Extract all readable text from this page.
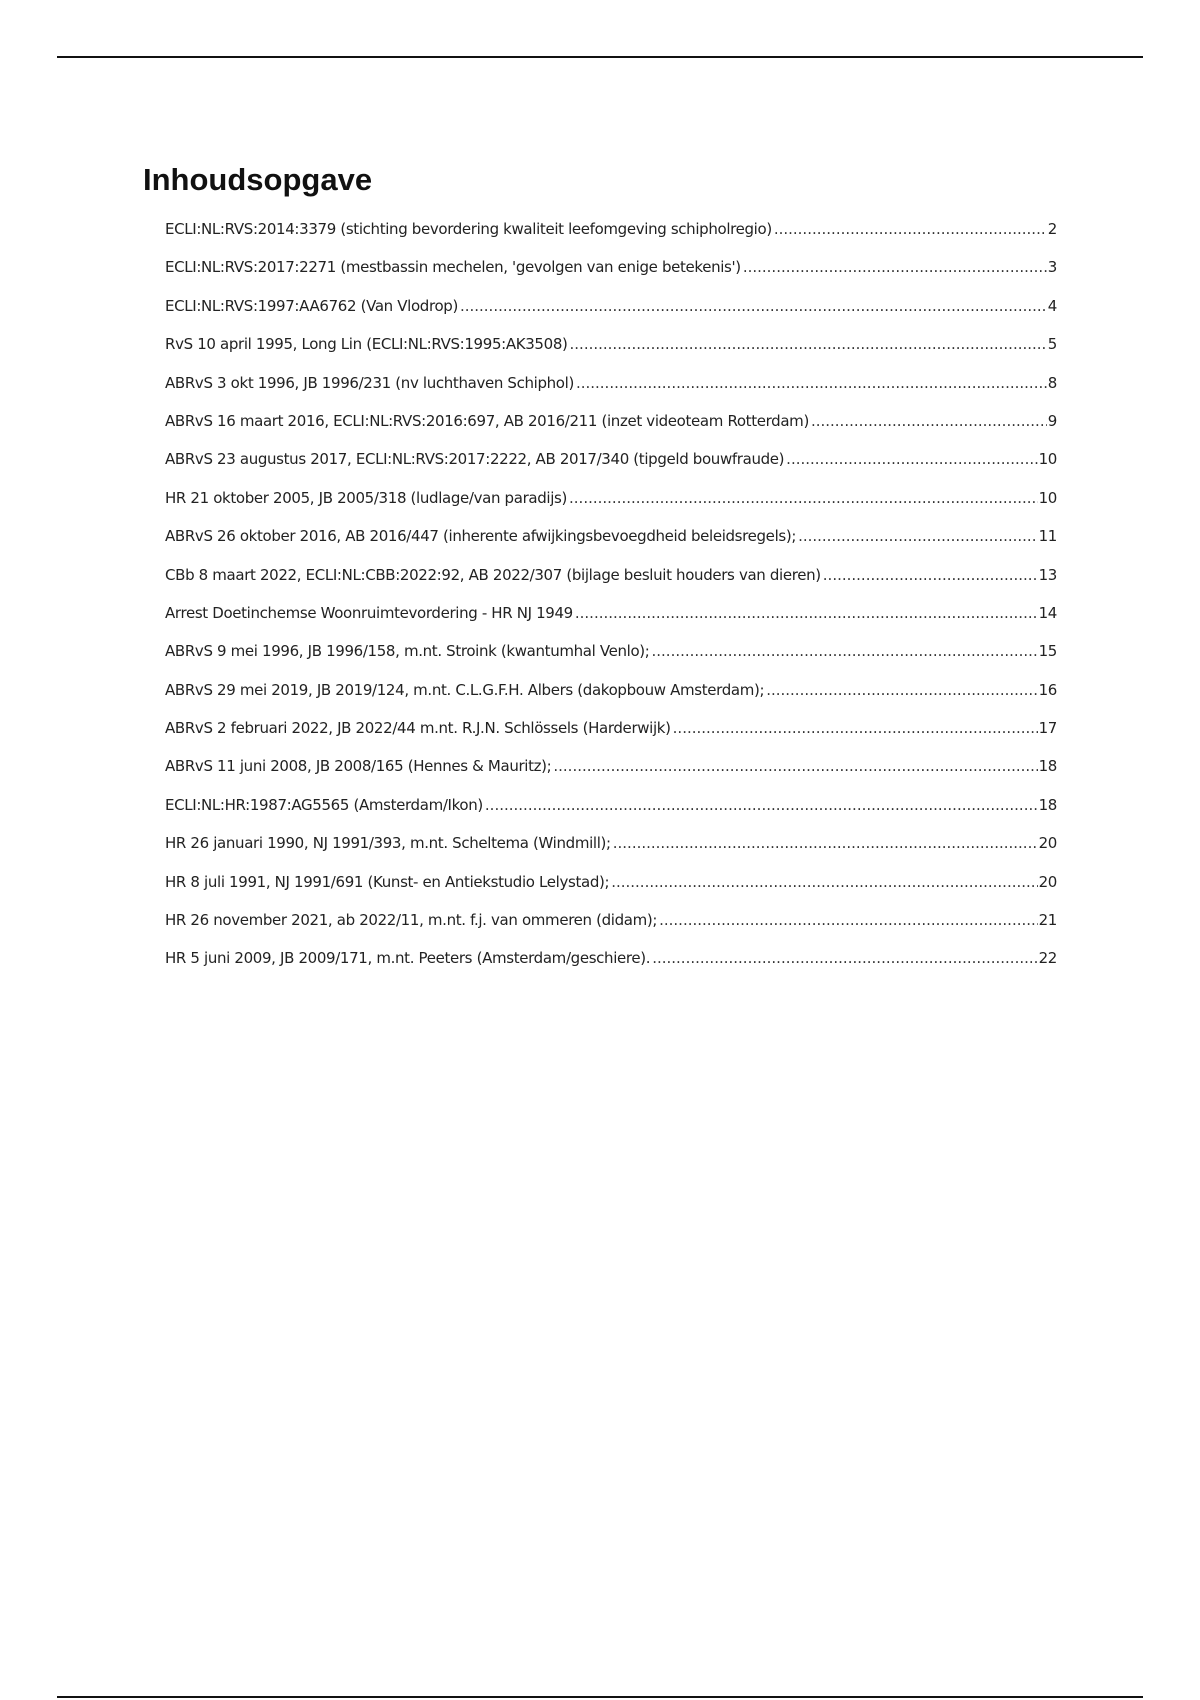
Inhoudsopgave
ECLI:NL:RVS:2014:3379 (stichting bevordering kwaliteit leefomgeving schipholregio) .....	2
ECLI:NL:RVS:2017:2271 (mestbassin mechelen, 'gevolgen van enige betekenis') .....	3
ECLI:NL:RVS:1997:AA6762 (Van Vlodrop) .....	4
RvS 10 april 1995, Long Lin (ECLI:NL:RVS:1995:AK3508) .....	5
ABRvS 3 okt 1996, JB 1996/231 (nv luchthaven Schiphol) .....	8
ABRvS 16 maart 2016, ECLI:NL:RVS:2016:697, AB 2016/211 (inzet videoteam Rotterdam) .....	9
ABRvS 23 augustus 2017, ECLI:NL:RVS:2017:2222, AB 2017/340 (tipgeld bouwfraude) .....	10
HR 21 oktober 2005, JB 2005/318 (ludlage/van paradijs) .....	10
ABRvS 26 oktober 2016, AB 2016/447 (inherente afwijkingsbevoegdheid beleidsregels); .....	11
CBb 8 maart 2022, ECLI:NL:CBB:2022:92, AB 2022/307 (bijlage besluit houders van dieren) .....	13
Arrest Doetinchemse Woonruimtevordering - HR NJ 1949 .....	14
ABRvS 9 mei 1996, JB 1996/158, m.nt. Stroink (kwantumhal Venlo); .....	15
ABRvS 29 mei 2019, JB 2019/124, m.nt. C.L.G.F.H. Albers (dakopbouw Amsterdam); .....	16
ABRvS 2 februari 2022, JB 2022/44 m.nt. R.J.N. Schlössels (Harderwijk) .....	17
ABRvS 11 juni 2008, JB 2008/165 (Hennes & Mauritz); .....	18
ECLI:NL:HR:1987:AG5565 (Amsterdam/Ikon) .....	18
HR 26 januari 1990, NJ 1991/393, m.nt. Scheltema (Windmill); .....	20
HR 8 juli 1991, NJ 1991/691 (Kunst- en Antiekstudio Lelystad); .....	20
HR 26 november 2021, ab 2022/11, m.nt. f.j. van ommeren (didam); .....	21
HR 5 juni 2009, JB 2009/171, m.nt. Peeters (Amsterdam/geschiere). .....	22
